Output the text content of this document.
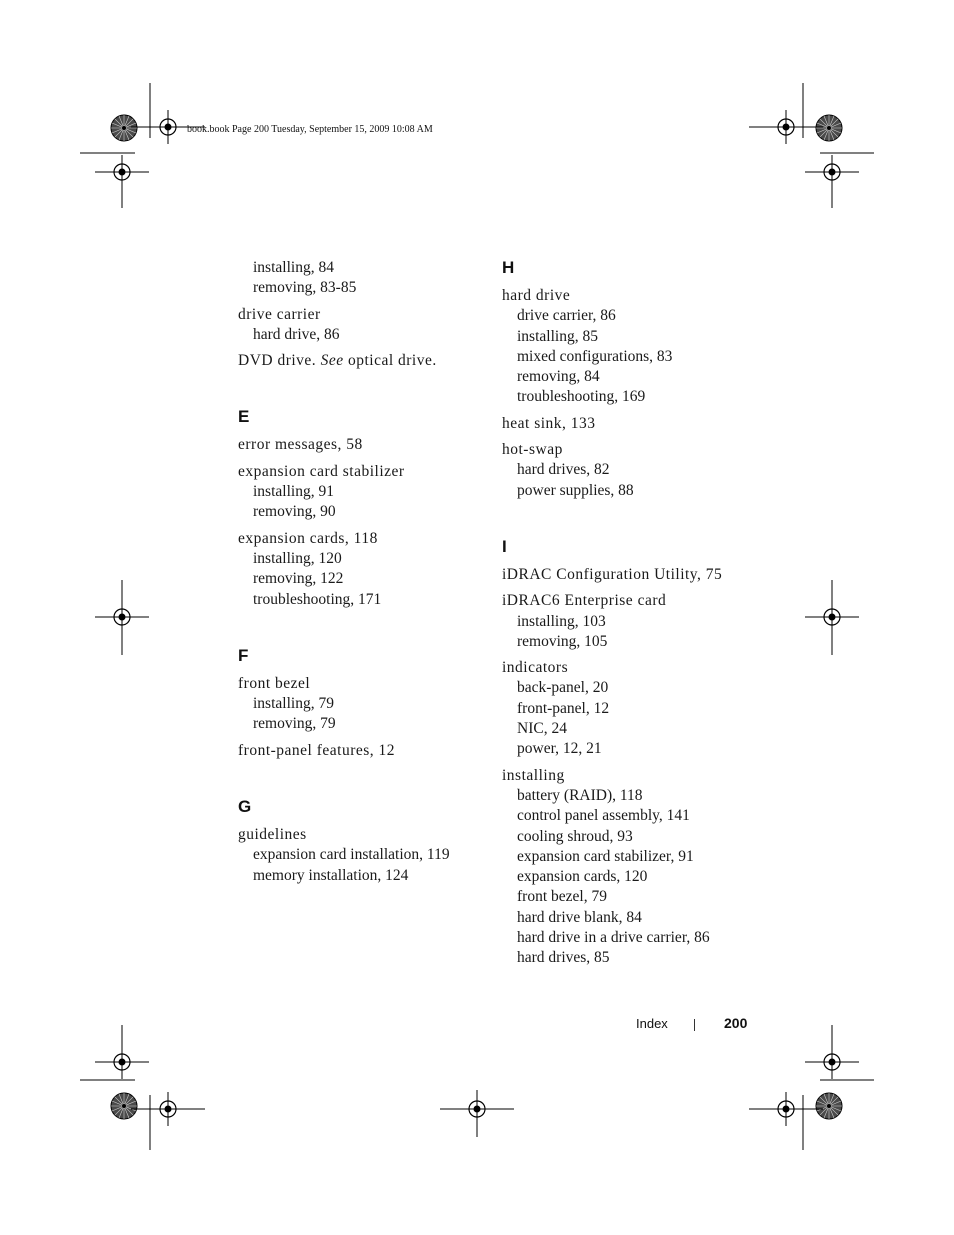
book.book Page 200 Tuesday, September 15, 2009 10:08 AM
installing, 84
removing, 83-85
drive carrier
hard drive, 86
DVD drive. See optical drive.
E
error messages, 58
expansion card stabilizer
installing, 91
removing, 90
expansion cards, 118
installing, 120
removing, 122
troubleshooting, 171
F
front bezel
installing, 79
removing, 79
front-panel features, 12
G
guidelines
expansion card installation, 119
memory installation, 124
H
hard drive
drive carrier, 86
installing, 85
mixed configurations, 83
removing, 84
troubleshooting, 169
heat sink, 133
hot-swap
hard drives, 82
power supplies, 88
I
iDRAC Configuration Utility, 75
iDRAC6 Enterprise card
installing, 103
removing, 105
indicators
back-panel, 20
front-panel, 12
NIC, 24
power, 12, 21
installing
battery (RAID), 118
control panel assembly, 141
cooling shroud, 93
expansion card stabilizer, 91
expansion cards, 120
front bezel, 79
hard drive blank, 84
hard drive in a drive carrier, 86
hard drives, 85
Index	200
